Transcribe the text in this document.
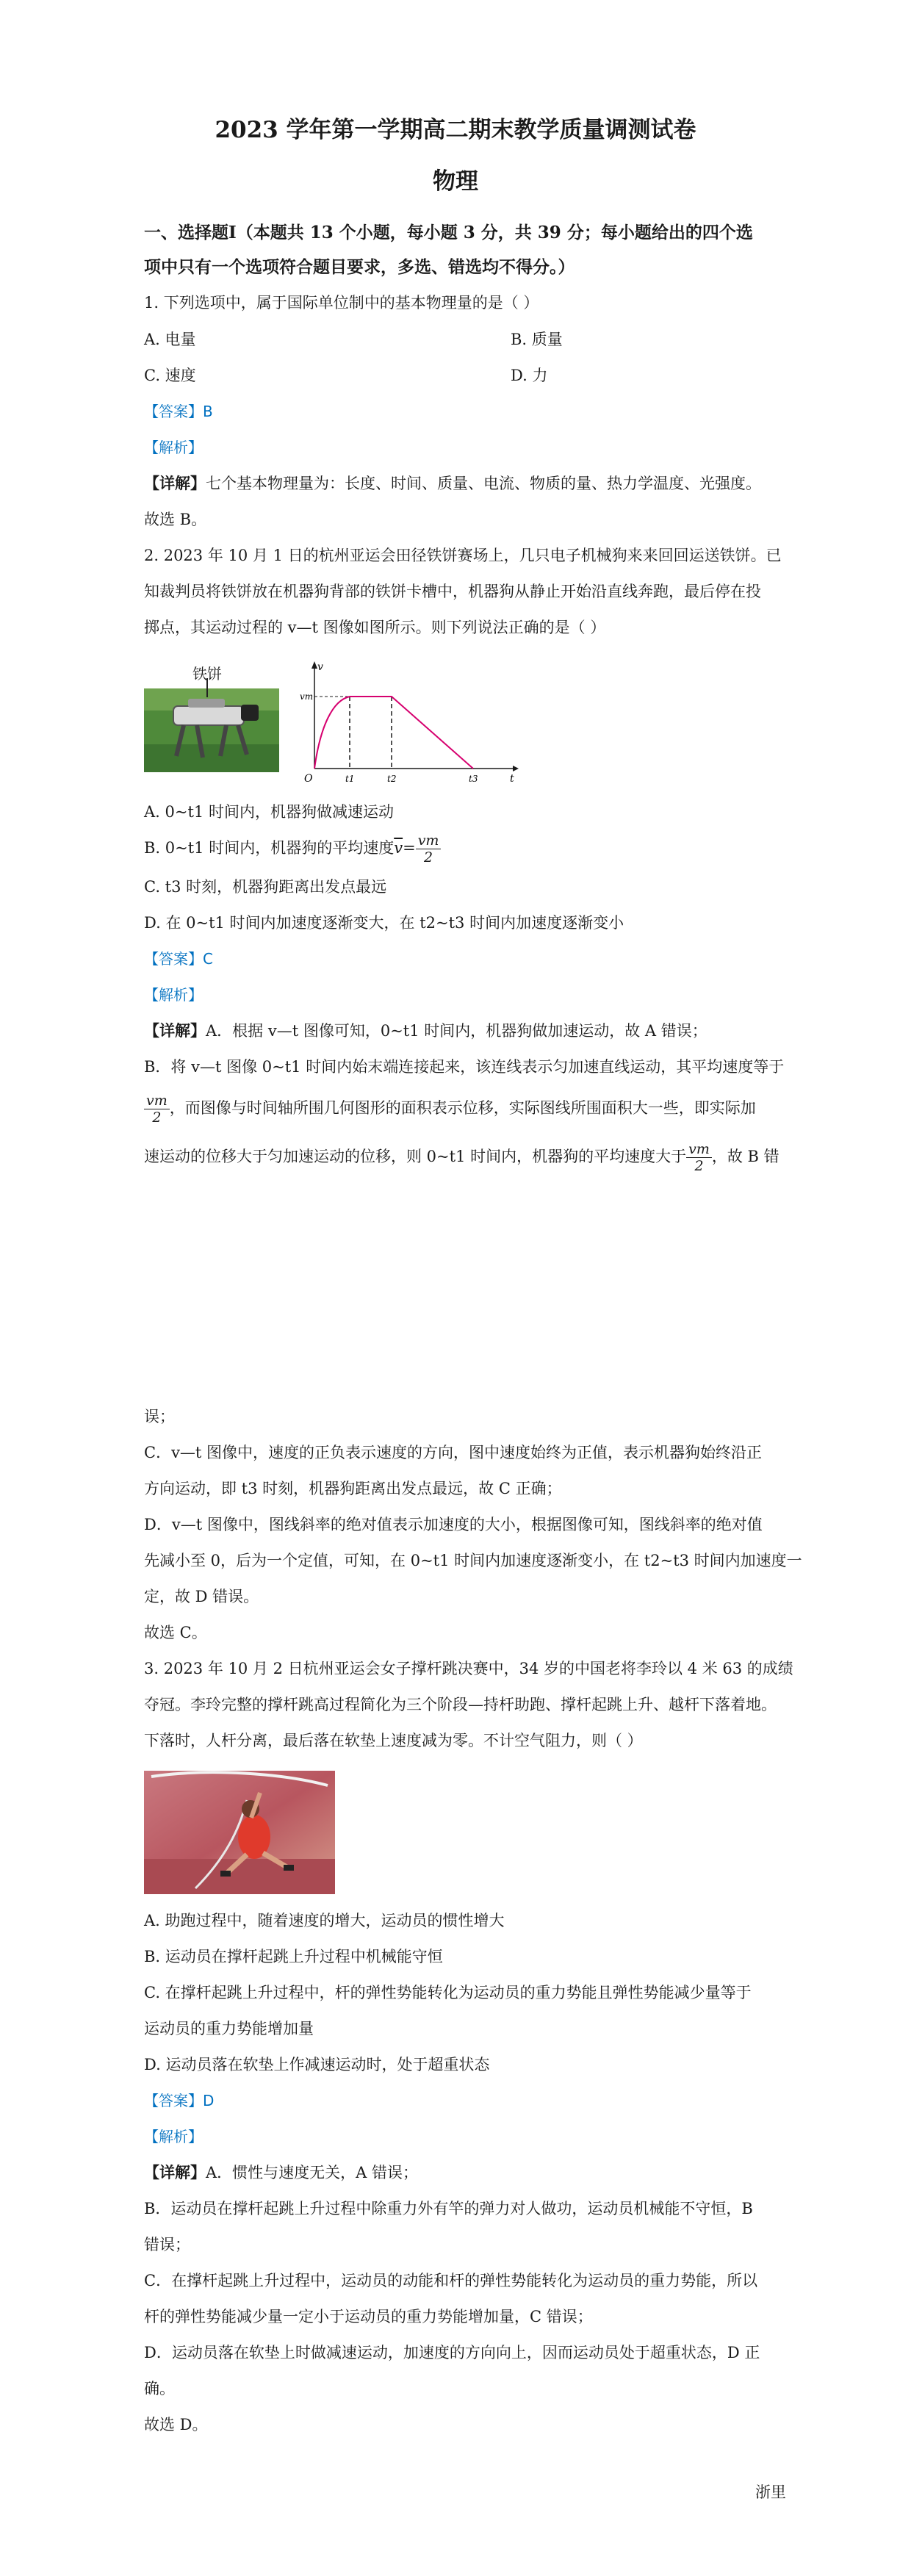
2023 学年第一学期高二期末教学质量调测试卷
物理
一、选择题Ⅰ（本题共 13 个小题，每小题 3 分，共 39 分；每小题给出的四个选
项中只有一个选项符合题目要求，多选、错选均不得分。）
1. 下列选项中，属于国际单位制中的基本物理量的是（ ）
A. 电量	B. 质量
C. 速度	D. 力
【答案】B
【解析】
【详解】七个基本物理量为：长度、时间、质量、电流、物质的量、热力学温度、光强度。
故选 B。
2. 2023 年 10 月 1 日的杭州亚运会田径铁饼赛场上，几只电子机械狗来来回回运送铁饼。已
知裁判员将铁饼放在机器狗背部的铁饼卡槽中，机器狗从静止开始沿直线奔跑，最后停在投
掷点，其运动过程的 v—t 图像如图所示。则下列说法正确的是（ ）
铁饼	v
t
O
vm
t1	t2	t3
A. 0~t1 时间内，机器狗做减速运动
B. 0~t1 时间内，机器狗的平均速度$\overline{v}= \frac{vm}{2}$
C. t3 时刻，机器狗距离出发点最远
D. 在 0~t1 时间内加速度逐渐变大，在 t2~t3 时间内加速度逐渐变小
【答案】C
【解析】
【详解】A．根据 v—t 图像可知，0~t1 时间内，机器狗做加速运动，故 A 错误；
B．将 v—t 图像 0~t1 时间内始末端连接起来，该连线表示匀加速直线运动，其平均速度等于
$\frac{vm}{2}$ ，而图像与时间轴所围几何图形的面积表示位移，实际图线所围面积大一些，即实际加
速运动的位移大于匀加速运动的位移，则 0~t1 时间内，机器狗的平均速度大于 $\frac{vm}{2}$ ，故 B 错
误；
C．v—t 图像中，速度的正负表示速度的方向，图中速度始终为正值，表示机器狗始终沿正
方向运动，即 t3 时刻，机器狗距离出发点最远，故 C 正确；
D．v—t 图像中，图线斜率的绝对值表示加速度的大小，根据图像可知，图线斜率的绝对值
先减小至 0，后为一个定值，可知，在 0~t1 时间内加速度逐渐变小，在 t2~t3 时间内加速度一
定，故 D 错误。
故选 C。
3. 2023 年 10 月 2 日杭州亚运会女子撑杆跳决赛中，34 岁的中国老将李玲以 4 米 63 的成绩
夺冠。李玲完整的撑杆跳高过程简化为三个阶段—持杆助跑、撑杆起跳上升、越杆下落着地。
下落时，人杆分离，最后落在软垫上速度减为零。不计空气阻力，则（ ）
A. 助跑过程中，随着速度的增大，运动员的惯性增大
B. 运动员在撑杆起跳上升过程中机械能守恒
C. 在撑杆起跳上升过程中，杆的弹性势能转化为运动员的重力势能且弹性势能减少量等于
运动员的重力势能增加量
D. 运动员落在软垫上作减速运动时，处于超重状态
【答案】D
【解析】
【详解】A．惯性与速度无关，A 错误；
B．运动员在撑杆起跳上升过程中除重力外有竿的弹力对人做功，运动员机械能不守恒，B
错误；
C．在撑杆起跳上升过程中，运动员的动能和杆的弹性势能转化为运动员的重力势能，所以
杆的弹性势能减少量一定小于运动员的重力势能增加量，C 错误；
D．运动员落在软垫上时做减速运动，加速度的方向向上，因而运动员处于超重状态，D 正
确。
故选 D。
浙里
